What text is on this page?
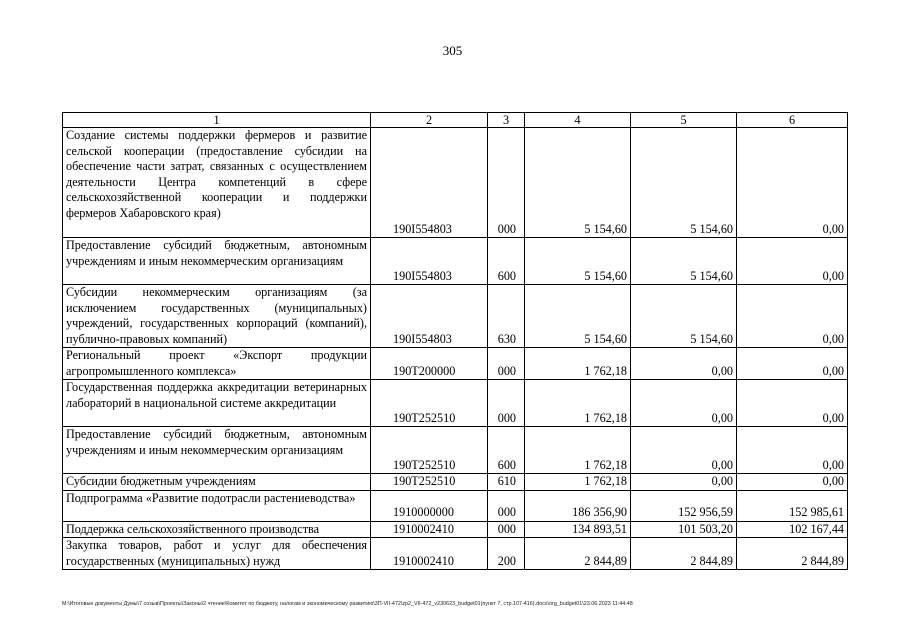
305
1	2	3	4	5	6
Создание системы поддержки фермеров и развитие сельской кооперации (предоставление субсидии на обеспечение части затрат, связанных с осуществлением деятельности Центра компетенций в сфере сельскохозяйственной кооперации и поддержки фермеров Хабаровского края)	190I554803	000	5 154,60	5 154,60	0,00
Предоставление субсидий бюджетным, автономным учреждениям и иным некоммерческим организациям	190I554803	600	5 154,60	5 154,60	0,00
Субсидии некоммерческим организациям (за исключением государственных (муниципальных) учреждений, государственных корпораций (компаний), публично-правовых компаний)	190I554803	630	5 154,60	5 154,60	0,00
Региональный проект «Экспорт продукции агропромышленного комплекса»	190T200000	000	1 762,18	0,00	0,00
Государственная поддержка аккредитации ветеринарных лабораторий в национальной системе аккредитации	190T252510	000	1 762,18	0,00	0,00
Предоставление субсидий бюджетным, автономным учреждениям и иным некоммерческим организациям	190T252510	600	1 762,18	0,00	0,00
Субсидии бюджетным учреждениям	190T252510	610	1 762,18	0,00	0,00
Подпрограмма «Развитие подотрасли растениеводства»	1910000000	000	186 356,90	152 956,59	152 985,61
Поддержка сельскохозяйственного производства	1910002410	000	134 893,51	101 503,20	102 167,44
Закупка товаров, работ и услуг для обеспечения государственных (муниципальных) нужд	1910002410	200	2 844,89	2 844,89	2 844,89
M:\Итоговые документы Думы\7 созыв\Проекты\Законы\2 чтение\Комитет по бюджету, налогам и экономическому развитию\3П-VII-472\zp2_VII-472_v230623_budget01(пункт 7, стр.107-416).docx\org_budget01\23.06.2023 11:44:48
